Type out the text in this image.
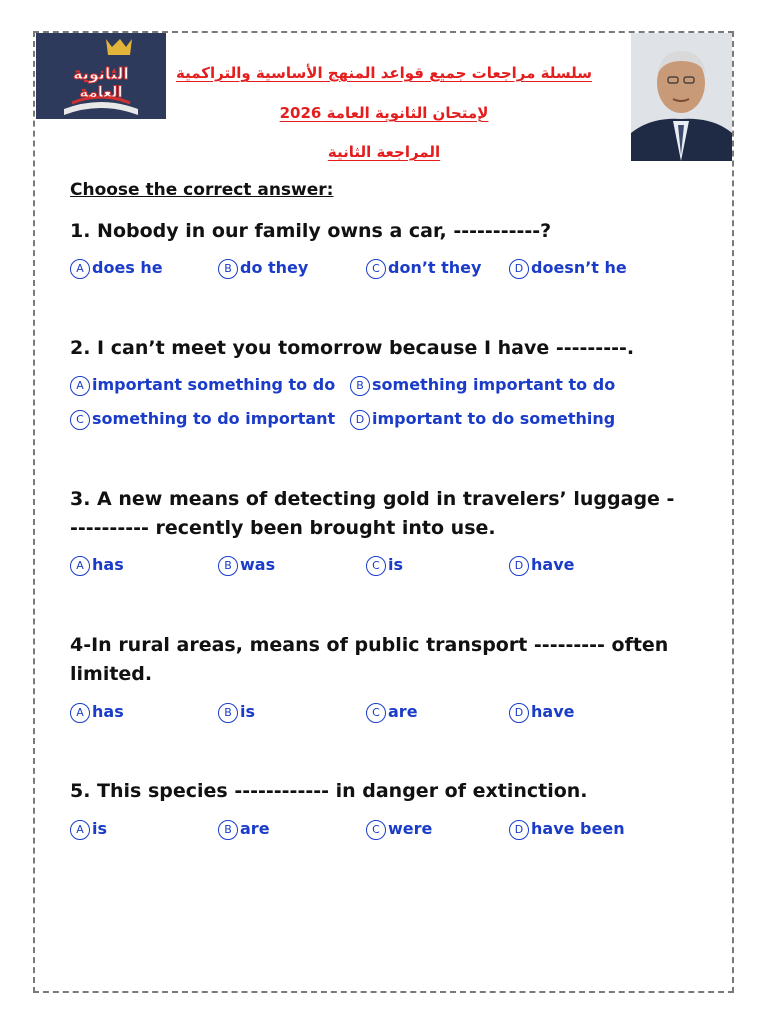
الثانوية
العامة
سلسلة مراجعات جميع قواعد المنهج الأساسية والتراكمية
لإمتحان الثانوية العامة 2026
المراجعة الثانية
Choose the correct answer:
1. Nobody in our family owns a car, -----------?
A does he	B do they	C don’t they	D doesn’t he
2. I can’t meet you tomorrow because I have ---------.
A important something to do	B something important to do
C something to do important	D important to do something
3. A new means of detecting gold in travelers’ luggage -
---------- recently been brought into use.
A has	B was	C is	D have
4-In rural areas, means of public transport --------- often
limited.
A has	B is	C are	D have
5. This species ------------ in danger of extinction.
A is	B are	C were	D have been
